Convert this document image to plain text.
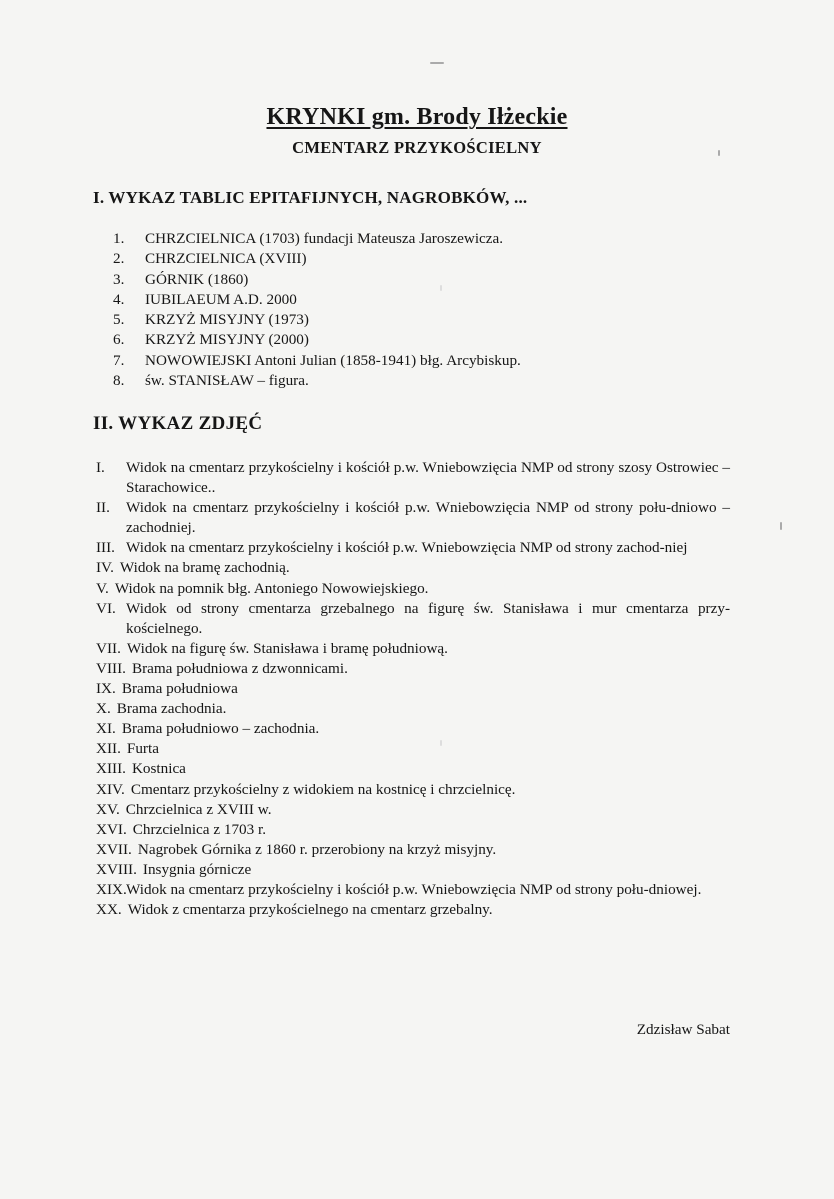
KRYNKI gm. Brody Iłżeckie
CMENTARZ PRZYKOŚCIELNY
I. WYKAZ TABLIC EPITAFIJNYCH, NAGROBKÓW, ...
1. CHRZCIELNICA (1703) fundacji Mateusza Jaroszewicza.
2. CHRZCIELNICA (XVIII)
3. GÓRNIK (1860)
4. IUBILAEUM A.D. 2000
5. KRZYŻ MISYJNY (1973)
6. KRZYŻ MISYJNY (2000)
7. NOWOWIEJSKI Antoni Julian (1858-1941) błg. Arcybiskup.
8. św. STANISŁAW – figura.
II. WYKAZ ZDJĘĆ
I. Widok na cmentarz przykościelny i kościół p.w. Wniebowzięcia NMP od strony szosy Ostrowiec – Starachowice..
II. Widok na cmentarz przykościelny i kościół p.w. Wniebowzięcia NMP od strony połu-dniowo – zachodniej.
III. Widok na cmentarz przykościelny i kościół p.w. Wniebowzięcia NMP od strony zachod-niej
IV. Widok na bramę zachodnią.
V. Widok na pomnik błg. Antoniego Nowowiejskiego.
VI. Widok od strony cmentarza grzebalnego na figurę św. Stanisława i mur cmentarza przy-kościelnego.
VII. Widok na figurę św. Stanisława i bramę południową.
VIII. Brama południowa z dzwonnicami.
IX. Brama południowa
X. Brama zachodnia.
XI. Brama południowo – zachodnia.
XII. Furta
XIII. Kostnica
XIV. Cmentarz przykościelny z widokiem na kostnicę i chrzcielnicę.
XV. Chrzcielnica z XVIII w.
XVI. Chrzcielnica z 1703 r.
XVII. Nagrobek Górnika z 1860 r. przerobiony na krzyż misyjny.
XVIII. Insygnia górnicze
XIX. Widok na cmentarz przykościelny i kościół p.w. Wniebowzięcia NMP od strony połu-dniowej.
XX. Widok z cmentarza przykościelnego na cmentarz grzebalny.
Zdzisław Sabat
